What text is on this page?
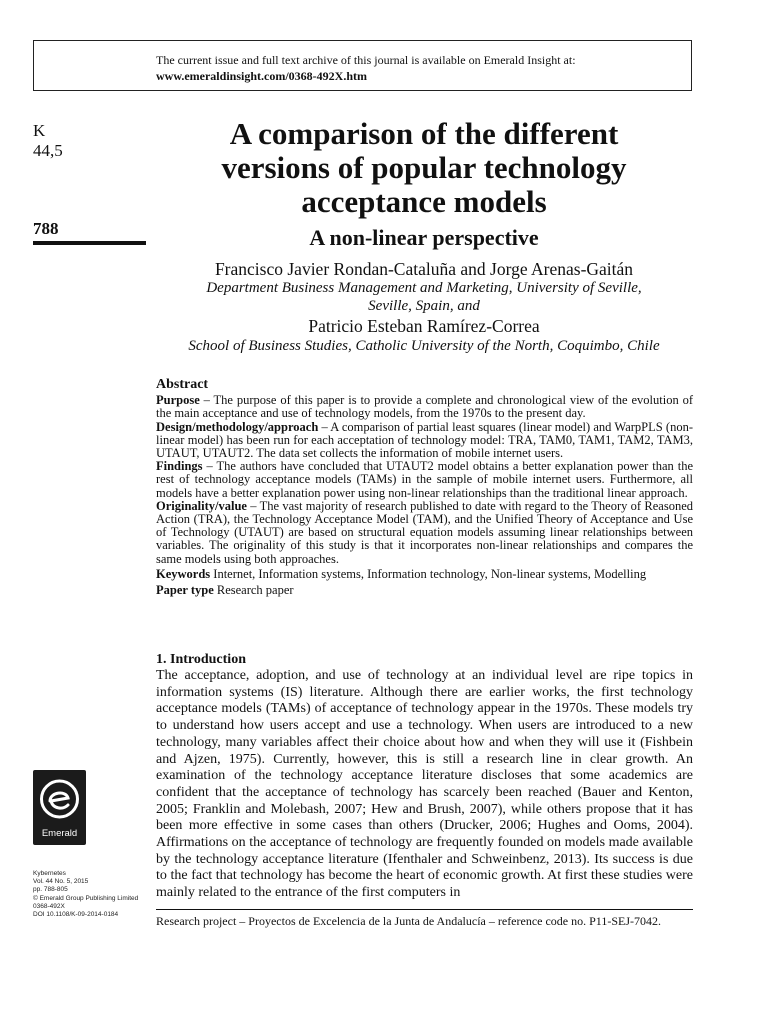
The current issue and full text archive of this journal is available on Emerald Insight at:
www.emeraldinsight.com/0368-492X.htm
K
44,5
788
A comparison of the different
versions of popular technology
acceptance models
A non-linear perspective
Francisco Javier Rondan-Cataluña and Jorge Arenas-Gaitán
Department Business Management and Marketing, University of Seville,
Seville, Spain, and
Patricio Esteban Ramírez-Correa
School of Business Studies, Catholic University of the North, Coquimbo, Chile
Abstract

Purpose – The purpose of this paper is to provide a complete and chronological view of the evolution of the main acceptance and use of technology models, from the 1970s to the present day.

Design/methodology/approach – A comparison of partial least squares (linear model) and WarpPLS (non-linear model) has been run for each acceptation of technology model: TRA, TAM0, TAM1, TAM2, TAM3, UTAUT, UTAUT2. The data set collects the information of mobile internet users.

Findings – The authors have concluded that UTAUT2 model obtains a better explanation power than the rest of technology acceptance models (TAMs) in the sample of mobile internet users. Furthermore, all models have a better explanation power using non-linear relationships than the traditional linear approach.

Originality/value – The vast majority of research published to date with regard to the Theory of Reasoned Action (TRA), the Technology Acceptance Model (TAM), and the Unified Theory of Acceptance and Use of Technology (UTAUT) are based on structural equation models assuming linear relationships between variables. The originality of this study is that it incorporates non-linear relationships and compares the same models using both approaches.

Keywords Internet, Information systems, Information technology, Non-linear systems, Modelling

Paper type Research paper

1. Introduction

The acceptance, adoption, and use of technology at an individual level are ripe topics in information systems (IS) literature. Although there are earlier works, the first technology acceptance models (TAMs) of acceptance of technology appear in the 1970s. These models try to understand how users accept and use a technology. When users are introduced to a new technology, many variables affect their choice about how and when they will use it (Fishbein and Ajzen, 1975). Currently, however, this is still a research line in clear growth. An examination of the technology acceptance literature discloses that some academics are confident that the acceptance of technology has scarcely been reached (Bauer and Kenton, 2005; Franklin and Molebash, 2007; Hew and Brush, 2007), while others propose that it has been more effective in some cases than others (Drucker, 2006; Hughes and Ooms, 2004). Affirmations on the acceptance of technology are frequently founded on models made available by the technology acceptance literature (Ifenthaler and Schweinbenz, 2013). Its success is due to the fact that technology has become the heart of economic growth. At first these studies were mainly related to the entrance of the first computers in

Research project – Proyectos de Excelencia de la Junta de Andalucía – reference code no. P11-SEJ-7042.
Emerald
Kybernetes
Vol. 44 No. 5, 2015
pp. 788-805
© Emerald Group Publishing Limited
0368-492X
DOI 10.1108/K-09-2014-0184
